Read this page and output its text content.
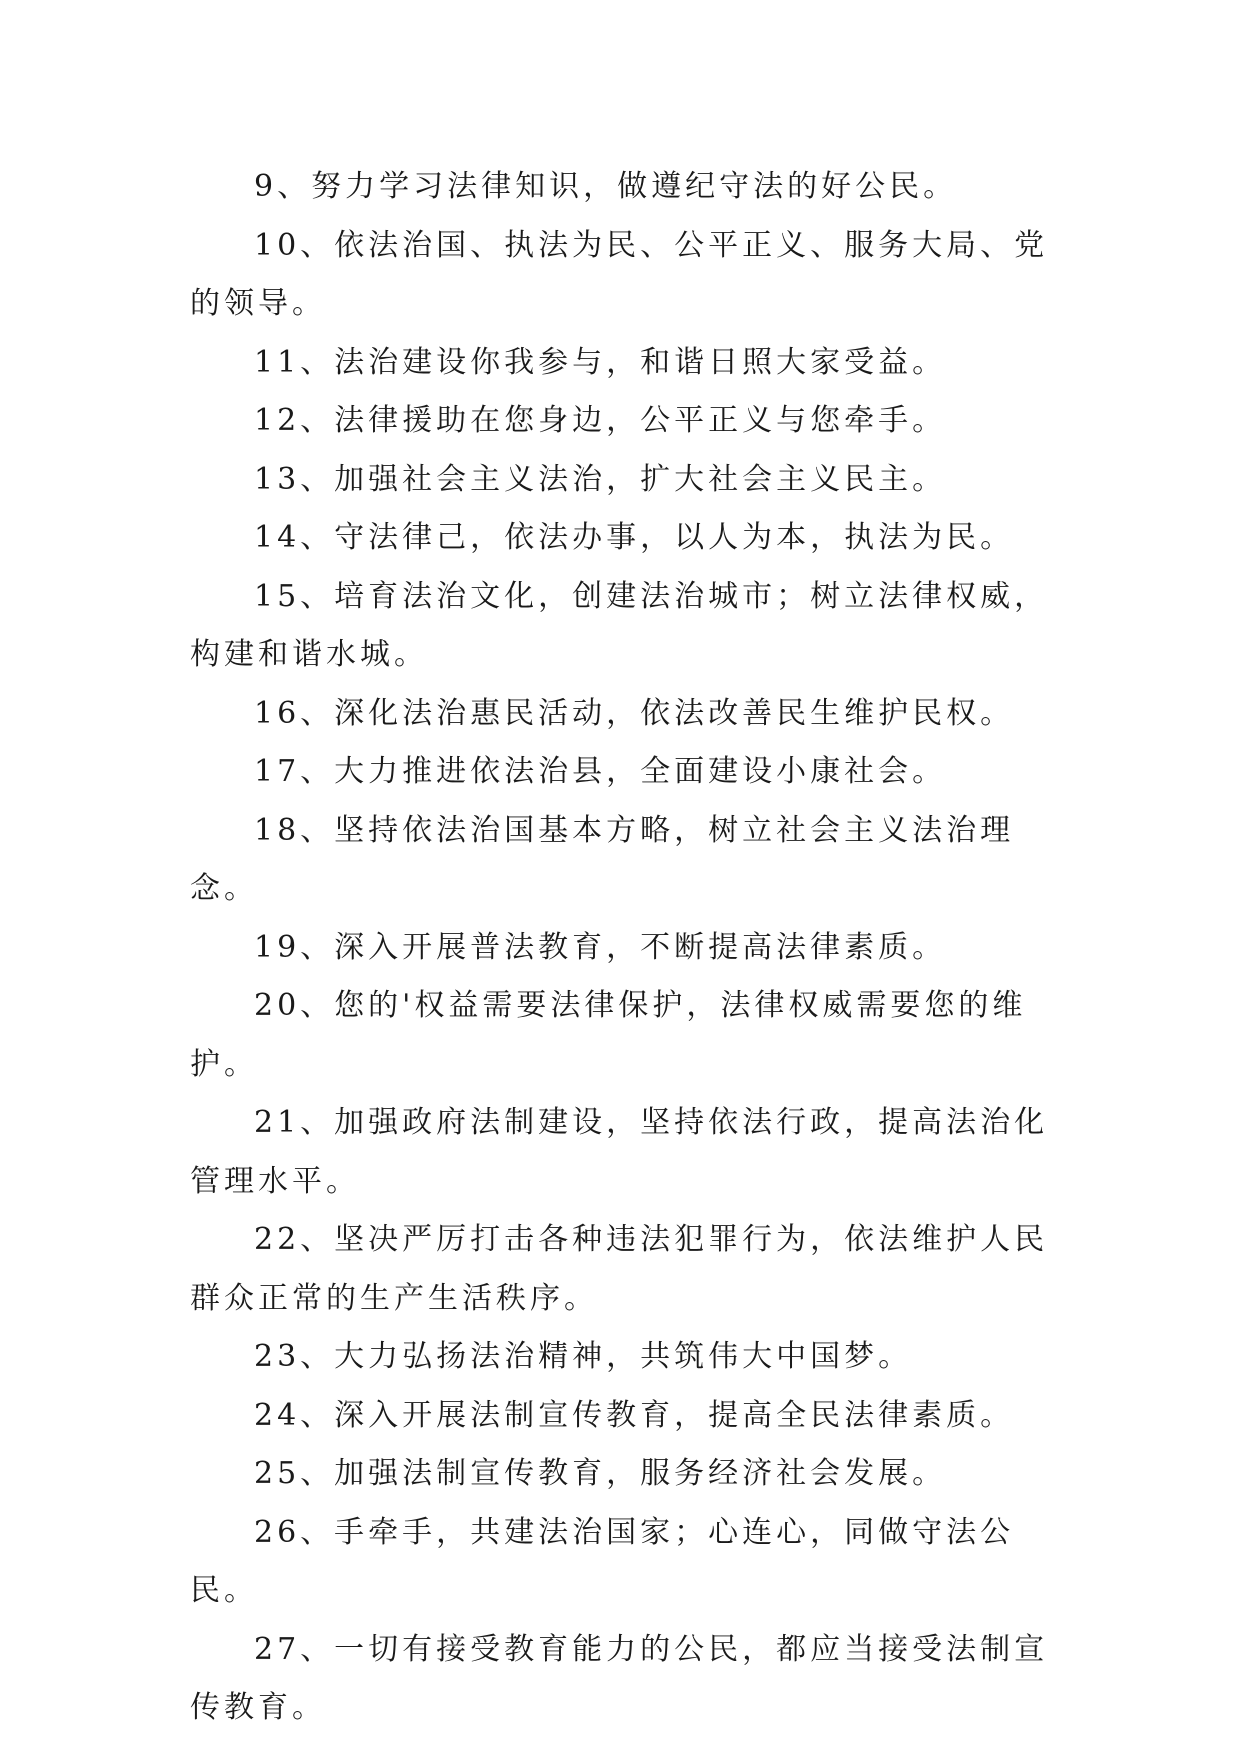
9、努力学习法律知识，做遵纪守法的好公民。

10、依法治国、执法为民、公平正义、服务大局、党的领导。

11、法治建设你我参与，和谐日照大家受益。

12、法律援助在您身边，公平正义与您牵手。

13、加强社会主义法治，扩大社会主义民主。

14、守法律己，依法办事，以人为本，执法为民。

15、培育法治文化，创建法治城市；树立法律权威，构建和谐水城。

16、深化法治惠民活动，依法改善民生维护民权。

17、大力推进依法治县，全面建设小康社会。

18、坚持依法治国基本方略，树立社会主义法治理念。

19、深入开展普法教育，不断提高法律素质。

20、您的'权益需要法律保护，法律权威需要您的维护。

21、加强政府法制建设，坚持依法行政，提高法治化管理水平。

22、坚决严厉打击各种违法犯罪行为，依法维护人民群众正常的生产生活秩序。

23、大力弘扬法治精神，共筑伟大中国梦。

24、深入开展法制宣传教育，提高全民法律素质。

25、加强法制宣传教育，服务经济社会发展。

26、手牵手，共建法治国家；心连心，同做守法公民。

27、一切有接受教育能力的公民，都应当接受法制宣传教育。
